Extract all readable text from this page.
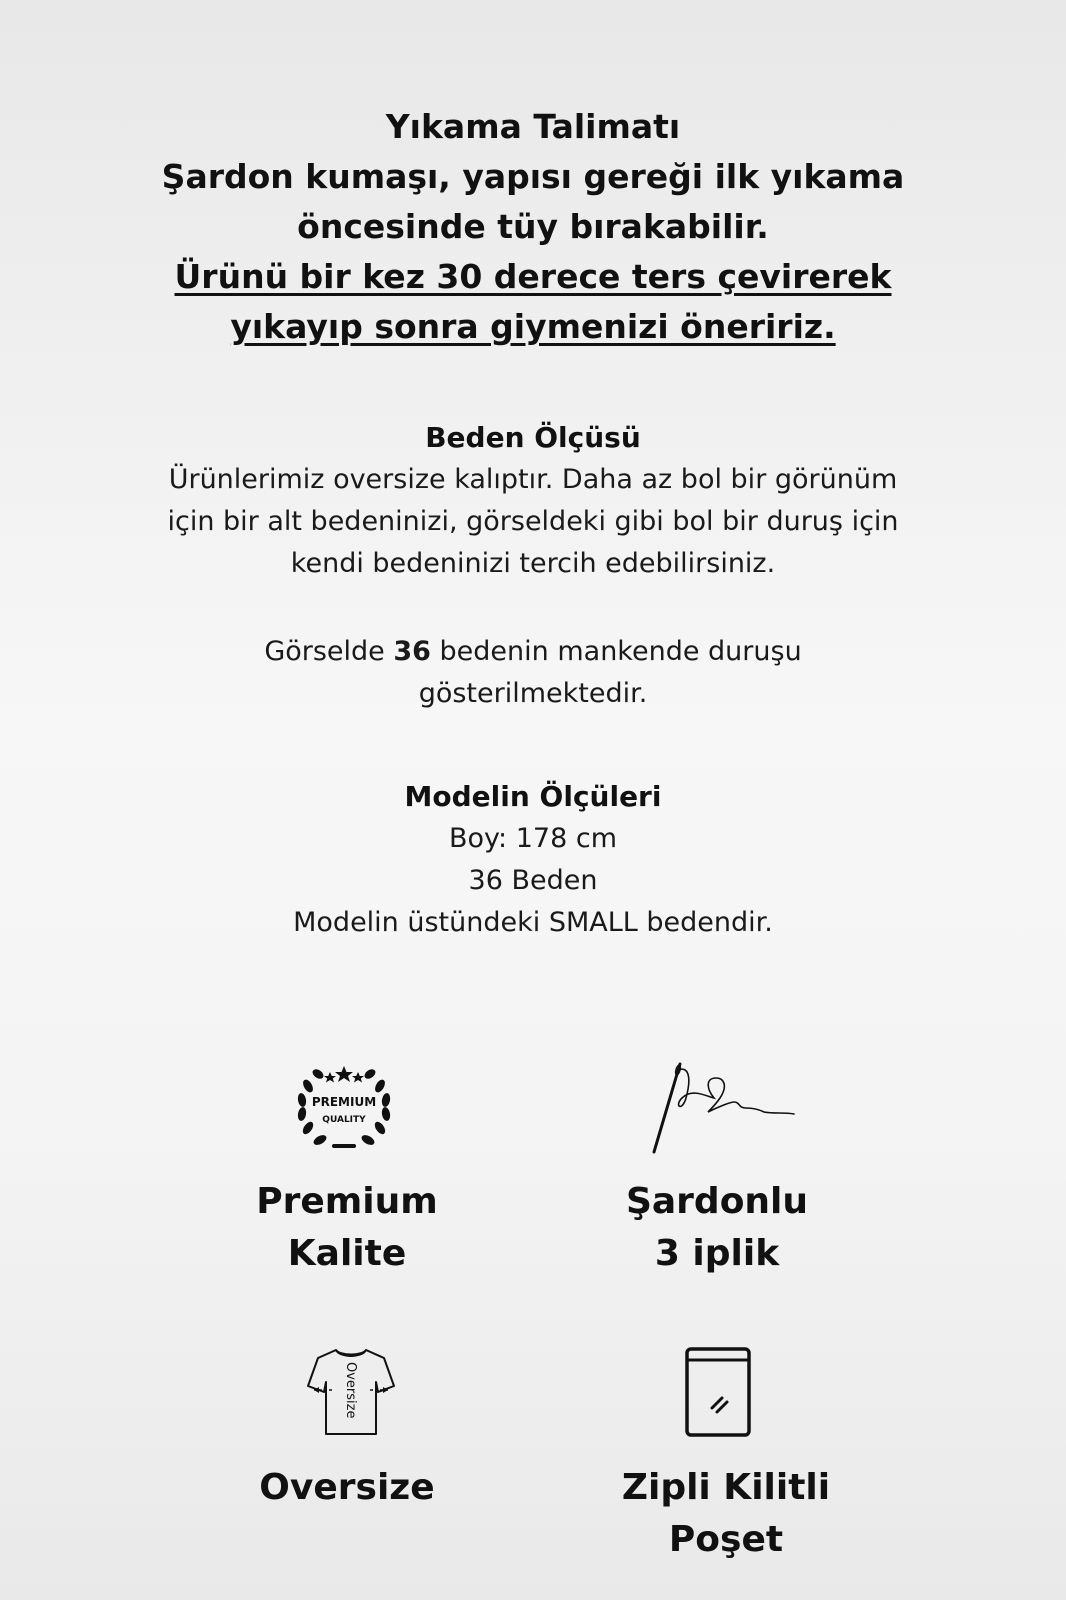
Yıkama Talimatı
Şardon kumaşı, yapısı gereği ilk yıkama
öncesinde tüy bırakabilir.
Ürünü bir kez 30 derece ters çevirerek
yıkayıp sonra giymenizi öneririz.
Beden Ölçüsü
Ürünlerimiz oversize kalıptır. Daha az bol bir görünüm
için bir alt bedeninizi, görseldeki gibi bol bir duruş için
kendi bedeninizi tercih edebilirsiniz.
Görselde 36 bedenin mankende duruşu
gösterilmektedir.
Modelin Ölçüleri
Boy: 178 cm
36 Beden
Modelin üstündeki SMALL bedendir.
PREMIUM
QUALITY
Premium
Kalite
Şardonlu
3 iplik
Oversize
Oversize	Zipli Kilitli
Poşet
